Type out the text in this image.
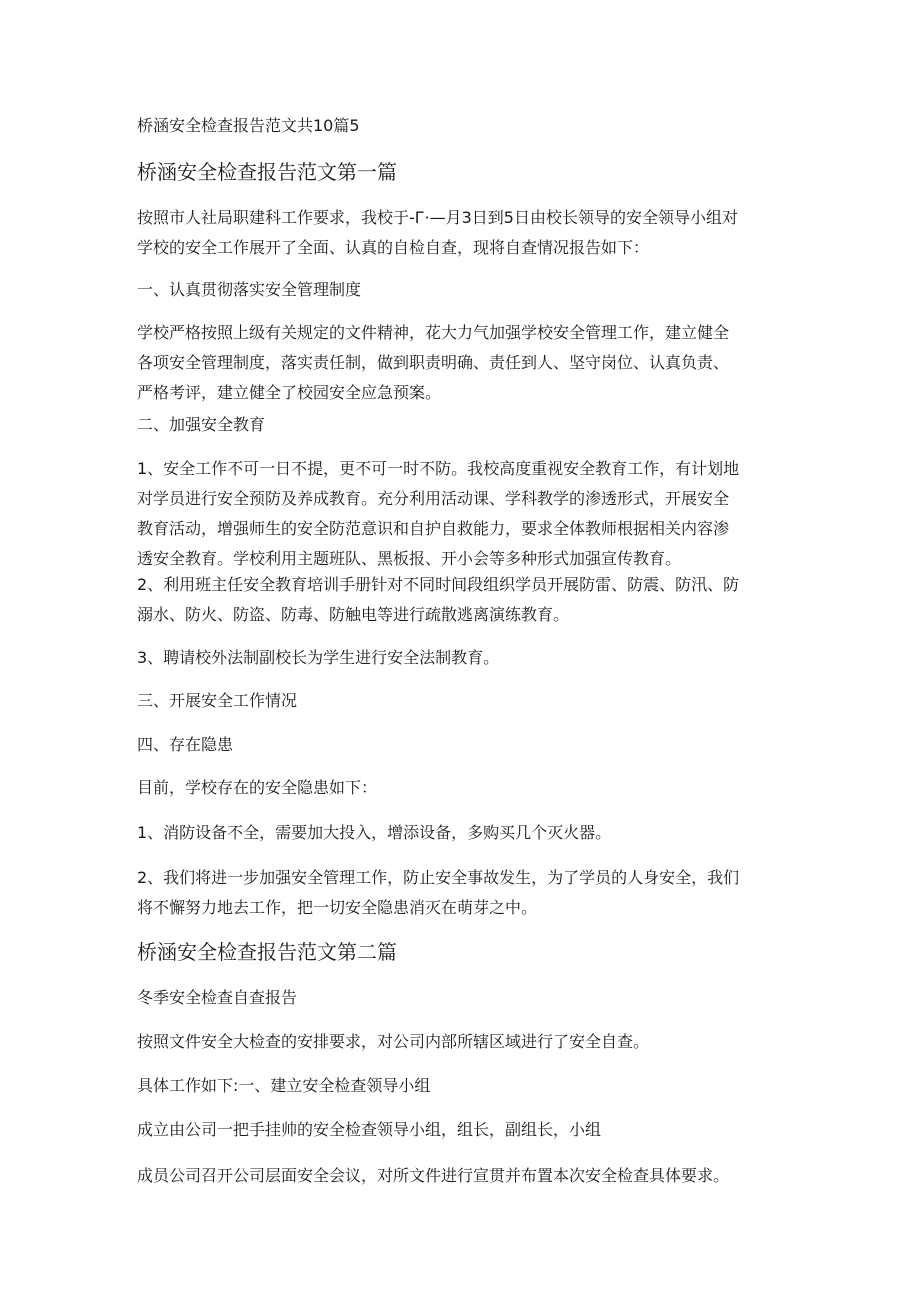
桥涵安全检查报告范文共10篇5
桥涵安全检查报告范文第一篇

按照市人社局职建科工作要求，我校于-Г·—月3日到5日由校长领导的安全领导小组对
学校的安全工作展开了全面、认真的自检自查，现将自查情况报告如下：

一、认真贯彻落实安全管理制度

学校严格按照上级有关规定的文件精神，花大力气加强学校安全管理工作，建立健全
各项安全管理制度，落实责任制，做到职责明确、责任到人、坚守岗位、认真负责、
严格考评，建立健全了校园安全应急预案。

二、加强安全教育

1、安全工作不可一日不提，更不可一时不防。我校高度重视安全教育工作，有计划地
对学员进行安全预防及养成教育。充分利用活动课、学科教学的渗透形式，开展安全
教育活动，增强师生的安全防范意识和自护自救能力，要求全体教师根据相关内容渗
透安全教育。学校利用主题班队、黑板报、开小会等多种形式加强宣传教育。

2、利用班主任安全教育培训手册针对不同时间段组织学员开展防雷、防震、防汛、防
溺水、防火、防盗、防毒、防触电等进行疏散逃离演练教育。

3、聘请校外法制副校长为学生进行安全法制教育。

三、开展安全工作情况

四、存在隐患

目前，学校存在的安全隐患如下：

1、消防设备不全，需要加大投入，增添设备，多购买几个灭火器。

2、我们将进一步加强安全管理工作，防止安全事故发生，为了学员的人身安全，我们
将不懈努力地去工作，把一切安全隐患消灭在萌芽之中。

桥涵安全检查报告范文第二篇

冬季安全检查自查报告

按照文件安全大检查的安排要求，对公司内部所辖区域进行了安全自查。

具体工作如下:一、建立安全检查领导小组

成立由公司一把手挂帅的安全检查领导小组，组长，副组长，小组

成员公司召开公司层面安全会议，对所文件进行宣贯并布置本次安全检查具体要求。
